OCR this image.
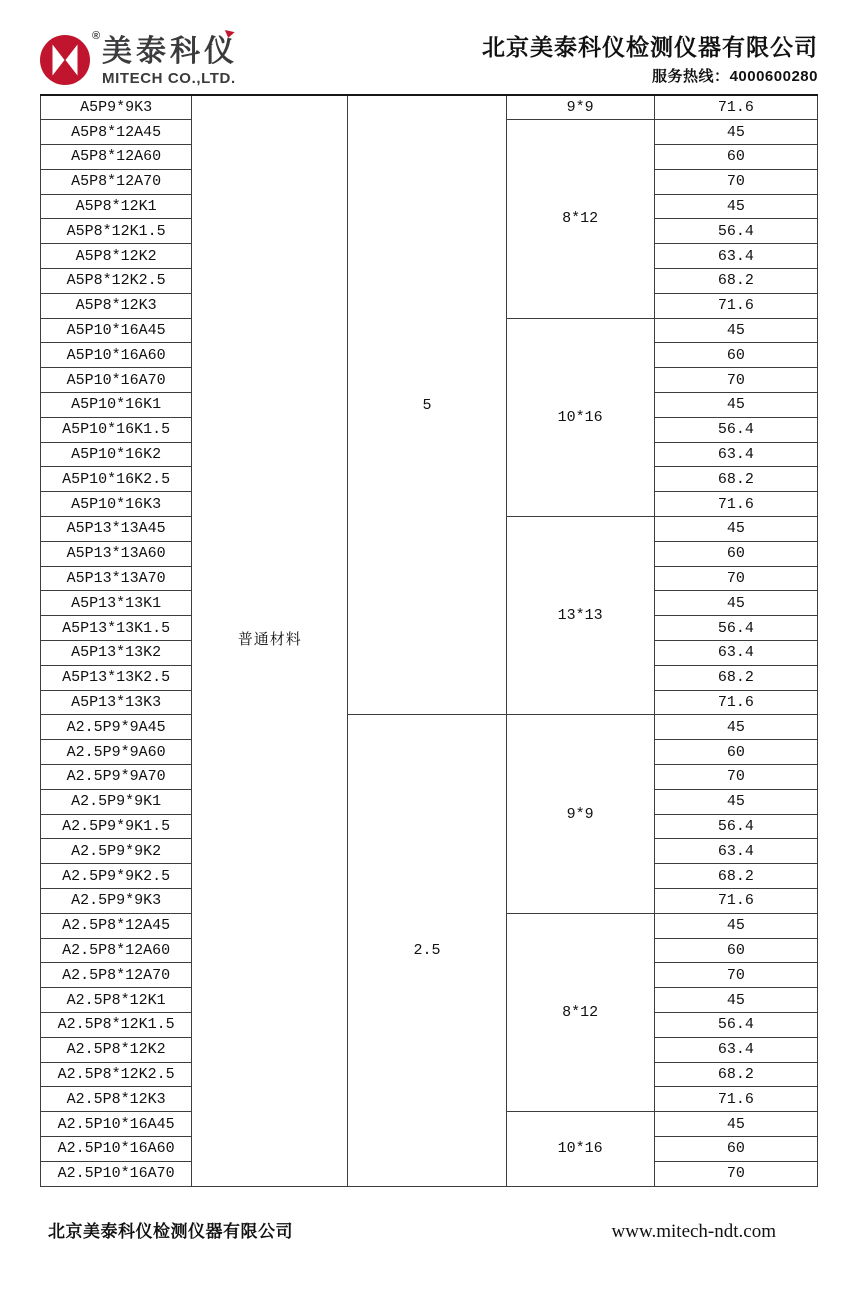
® 美泰科仪
MITECH CO.,LTD.
北京美泰科仪检测仪器有限公司
服务热线：4000600280
A5P9*9K3	普通材料	5	9*9	71.6
A5P8*12A45			8*12	45
A5P8*12A60				60
A5P8*12A70				70
A5P8*12K1				45
A5P8*12K1.5				56.4
A5P8*12K2				63.4
A5P8*12K2.5				68.2
A5P8*12K3				71.6
A5P10*16A45			10*16	45
A5P10*16A60				60
A5P10*16A70				70
A5P10*16K1				45
A5P10*16K1.5				56.4
A5P10*16K2				63.4
A5P10*16K2.5				68.2
A5P10*16K3				71.6
A5P13*13A45			13*13	45
A5P13*13A60				60
A5P13*13A70				70
A5P13*13K1				45
A5P13*13K1.5				56.4
A5P13*13K2				63.4
A5P13*13K2.5				68.2
A5P13*13K3				71.6
A2.5P9*9A45		2.5	9*9	45
A2.5P9*9A60				60
A2.5P9*9A70				70
A2.5P9*9K1				45
A2.5P9*9K1.5				56.4
A2.5P9*9K2				63.4
A2.5P9*9K2.5				68.2
A2.5P9*9K3				71.6
A2.5P8*12A45			8*12	45
A2.5P8*12A60				60
A2.5P8*12A70				70
A2.5P8*12K1				45
A2.5P8*12K1.5				56.4
A2.5P8*12K2				63.4
A2.5P8*12K2.5				68.2
A2.5P8*12K3				71.6
A2.5P10*16A45			10*16	45
A2.5P10*16A60				60
A2.5P10*16A70				70
北京美泰科仪检测仪器有限公司	www.mitech-ndt.com
